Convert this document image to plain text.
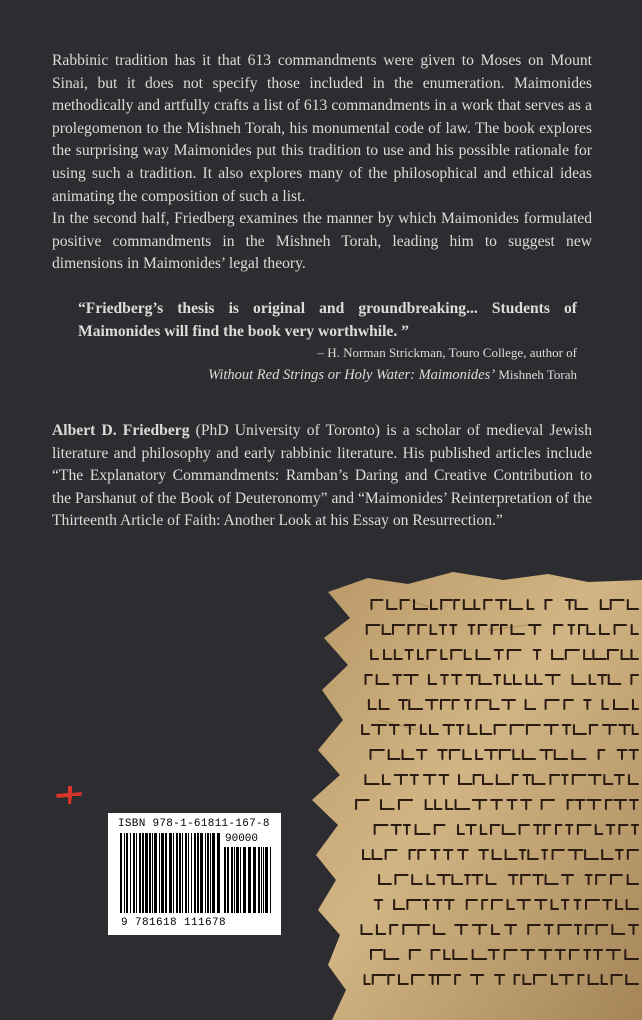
Rabbinic tradition has it that 613 commandments were given to Moses on Mount Sinai, but it does not specify those included in the enumeration. Maimonides methodically and artfully crafts a list of 613 commandments in a work that serves as a prolegomenon to the Mishneh Torah, his monumental code of law. The book explores the surprising way Maimonides put this tradition to use and his possible rationale for using such a tradition. It also explores many of the philosophical and ethical ideas animating the composition of such a list.

In the second half, Friedberg examines the manner by which Maimonides formulated positive commandments in the Mishneh Torah, leading him to suggest new dimensions in Maimonides’ legal theory.

“Friedberg’s thesis is original and groundbreaking... Students of Maimonides will find the book very worthwhile. ”
– H. Norman Strickman, Touro College, author of
Without Red Strings or Holy Water: Maimonides’ Mishneh Torah
Albert D. Friedberg (PhD University of Toronto) is a scholar of medieval Jewish literature and philosophy and early rabbinic literature. His published articles include “The Explanatory Commandments: Ramban’s Daring and Creative Contribution to the Parshanut of the Book of Deuteronomy” and “Maimonides’ Reinterpretation of the Thirteenth Article of Faith: Another Look at his Essay on Resurrection.”
ISBN 978-1-61811-167-8
90000
9 781618 111678
